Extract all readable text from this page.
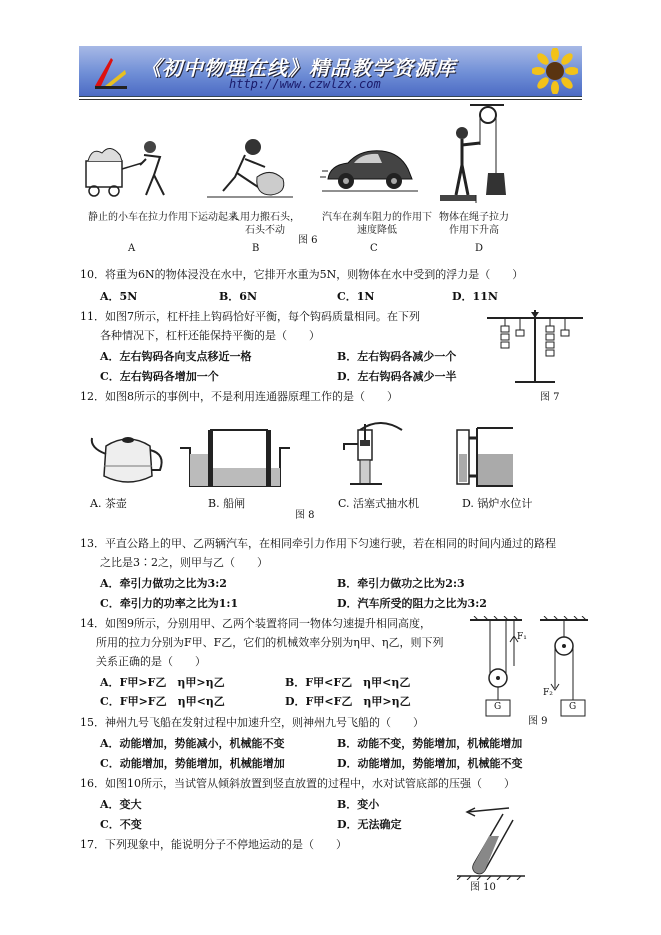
《初中物理在线》精品教学资源库
http://www.czwlzx.com
静止的小车在拉力作用下运动起来
A
人用力搬石头，石头不动
B
汽车在刹车阻力的作用下速度降低
C
物体在绳子拉力作用下升高
D
图 6
10．将重为6N的物体浸没在水中，它排开水重为5N，则物体在水中受到的浮力是（　　）
A．5N	B．6N	C．1N	D．11N
11．如图7所示，杠杆挂上钩码恰好平衡，每个钩码质量相同。在下列
各种情况下，杠杆还能保持平衡的是（　　）
A．左右钩码各向支点移近一格	B．左右钩码各减少一个
C．左右钩码各增加一个	D．左右钩码各减少一半
图 7
12．如图8所示的事例中，不是利用连通器原理工作的是（　　）
A. 茶壶	B. 船闸	C. 活塞式抽水机	D. 锅炉水位计
图 8
13．平直公路上的甲、乙两辆汽车，在相同牵引力作用下匀速行驶，若在相同的时间内通过的路程
之比是3∶2之，则甲与乙（　　）
A．牵引力做功之比为3:2	B．牵引力做功之比为2:3
C．牵引力的功率之比为1:1	D．汽车所受的阻力之比为3:2
14．如图9所示，分别用甲、乙两个装置将同一物体匀速提升相同高度，
所用的拉力分别为F甲、F乙，它们的机械效率分别为η甲、η乙，则下列
关系正确的是（　　）
A．F甲>F乙　η甲>η乙	B．F甲<F乙　η甲<η乙
C．F甲>F乙　η甲<η乙	D．F甲<F乙　η甲>η乙
F₁
F₂
G	G
图 9
15．神州九号飞船在发射过程中加速升空，则神州九号飞船的（　　）
A．动能增加，势能减小，机械能不变	B．动能不变，势能增加，机械能增加
C．动能增加，势能增加，机械能增加	D．动能增加，势能增加，机械能不变
16．如图10所示，当试管从倾斜放置到竖直放置的过程中，水对试管底部的压强（　　）
A．变大	B．变小
C．不变	D．无法确定
图 10
17．下列现象中，能说明分子不停地运动的是（　　）
